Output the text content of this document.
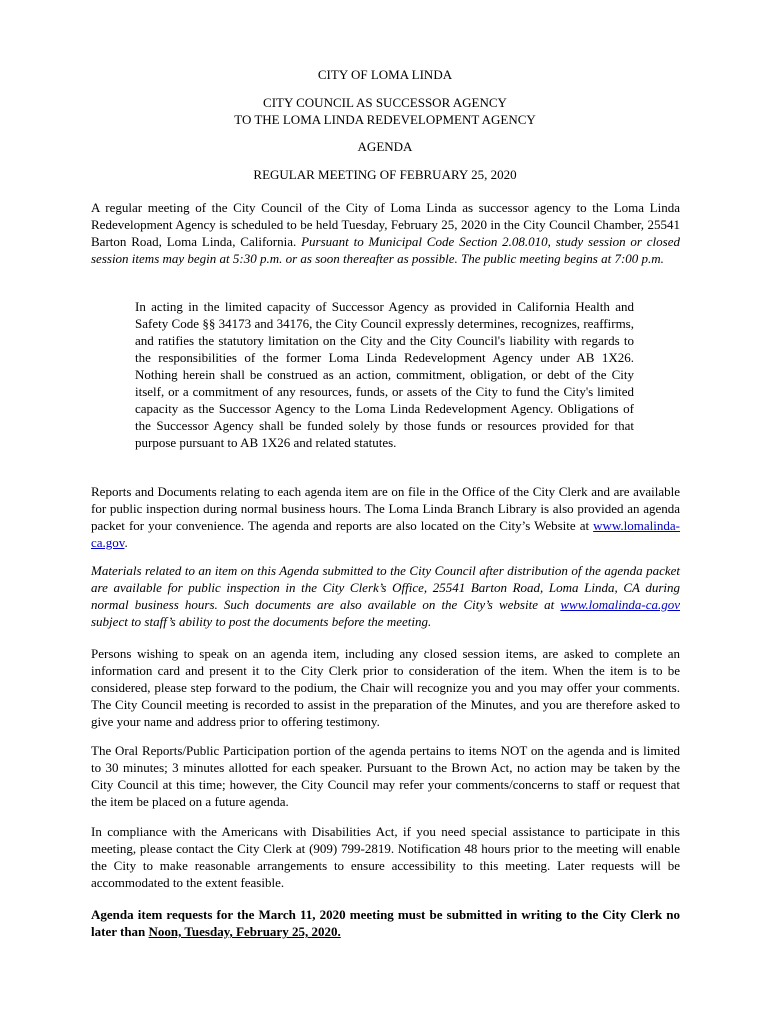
CITY OF LOMA LINDA

CITY COUNCIL AS SUCCESSOR AGENCY

TO THE LOMA LINDA REDEVELOPMENT AGENCY

AGENDA

REGULAR MEETING OF FEBRUARY 25, 2020

A regular meeting of the City Council of the City of Loma Linda as successor agency to the Loma Linda Redevelopment Agency is scheduled to be held Tuesday, February 25, 2020 in the City Council Chamber, 25541 Barton Road, Loma Linda, California. Pursuant to Municipal Code Section 2.08.010, study session or closed session items may begin at 5:30 p.m. or as soon thereafter as possible. The public meeting begins at 7:00 p.m.

In acting in the limited capacity of Successor Agency as provided in California Health and Safety Code §§ 34173 and 34176, the City Council expressly determines, recognizes, reaffirms, and ratifies the statutory limitation on the City and the City Council's liability with regards to the responsibilities of the former Loma Linda Redevelopment Agency under AB 1X26. Nothing herein shall be construed as an action, commitment, obligation, or debt of the City itself, or a commitment of any resources, funds, or assets of the City to fund the City's limited capacity as the Successor Agency to the Loma Linda Redevelopment Agency. Obligations of the Successor Agency shall be funded solely by those funds or resources provided for that purpose pursuant to AB 1X26 and related statutes.

Reports and Documents relating to each agenda item are on file in the Office of the City Clerk and are available for public inspection during normal business hours. The Loma Linda Branch Library is also provided an agenda packet for your convenience. The agenda and reports are also located on the City’s Website at www.lomalinda-ca.gov.

Materials related to an item on this Agenda submitted to the City Council after distribution of the agenda packet are available for public inspection in the City Clerk’s Office, 25541 Barton Road, Loma Linda, CA during normal business hours. Such documents are also available on the City’s website at www.lomalinda-ca.gov subject to staff’s ability to post the documents before the meeting.

Persons wishing to speak on an agenda item, including any closed session items, are asked to complete an information card and present it to the City Clerk prior to consideration of the item. When the item is to be considered, please step forward to the podium, the Chair will recognize you and you may offer your comments. The City Council meeting is recorded to assist in the preparation of the Minutes, and you are therefore asked to give your name and address prior to offering testimony.

The Oral Reports/Public Participation portion of the agenda pertains to items NOT on the agenda and is limited to 30 minutes; 3 minutes allotted for each speaker. Pursuant to the Brown Act, no action may be taken by the City Council at this time; however, the City Council may refer your comments/concerns to staff or request that the item be placed on a future agenda.

In compliance with the Americans with Disabilities Act, if you need special assistance to participate in this meeting, please contact the City Clerk at (909) 799-2819. Notification 48 hours prior to the meeting will enable the City to make reasonable arrangements to ensure accessibility to this meeting. Later requests will be accommodated to the extent feasible.

Agenda item requests for the March 11, 2020 meeting must be submitted in writing to the City Clerk no later than Noon, Tuesday, February 25, 2020.
